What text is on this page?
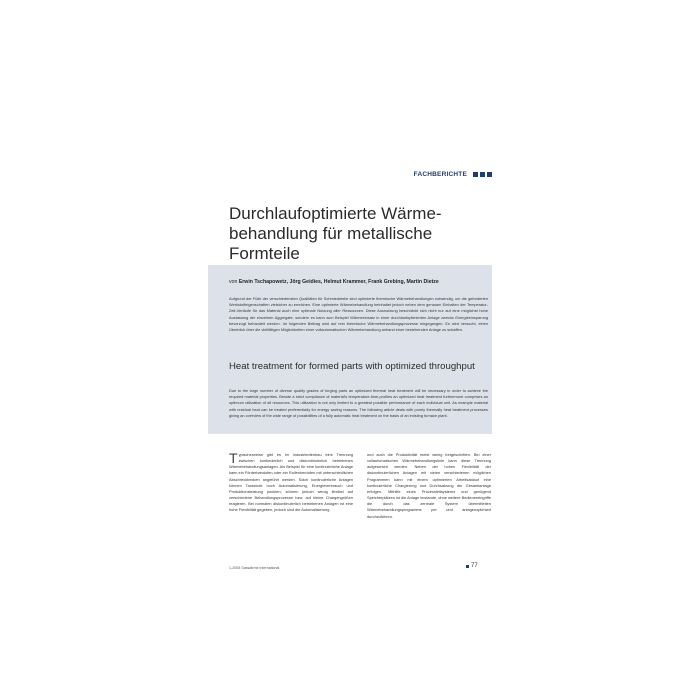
FACHBERICHTE
Durchlaufoptimierte Wärme-behandlung für metallische Formteile
von Erwin Tschapowetz, Jörg Geidies, Helmut Krammer, Frank Grebing, Martin Dietze

Aufgrund der Fülle der verschiedensten Qualitäten für Schmiedeteile sind optimierte thermische Wärmebehandlungen notwendig, um die geforderten Werkstoffeigenschaften zielsicher zu erreichen. Eine optimierte Wärmebehandlung beinhaltet jedoch neben dem genauen Einhalten der Temperatur-Zeit-Verläufe für das Material auch eine optimale Nutzung aller Ressourcen. Diese Ausnutzung beschränkt sich nicht nur auf eine möglichst hohe Auslastung der einzelnen Aggregate, sondern es kann zum Beispiel Wärmeeinsatz in einer durchlaufoptimierten Anlage zwecks Energieeinsparung bevorzugt behandelt werden. Im folgenden Beitrag wird auf rein thermische Wärmebehandlungsprozesse eingegangen. Es wird versucht, einen Überblick über die vielfältigen Möglichkeiten einer vollautomatischen Wärmebehandlung anhand einer bestehenden Anlage zu schaffen.

Heat treatment for formed parts with optimized throughput

Due to the large number of diverse quality grades of forging parts an optimized thermal heat treatment will be necessary in order to achieve the required material properties. Beside a strict compliance of material's temperature-time-profiles an optimized heat treatment furthermore comprises an optimum utilization of all resources. This utilization is not only limited to a greatest possible performance of each individual unit. As example material with residual heat can be treated preferentially for energy saving reasons. The following article deals with purely thermally heat treatment processes giving an overview of the wide range of possibilities of a fully automatic heat treatment on the basis of an existing furnace plant.

Typischerweise gibt es im Industrieofenbau eine Trennung zwischen kontinuierlich und diskontinuierlich betriebenen Wärmebehandlungsanlagen. Als Beispiel für eine kontinuierliche Anlage kann ein Förderbandofen oder ein Rollenherdofen mit unterschiedlichen Abschreckbecken angeführt werden. Solch kontinuierliche Anlagen können Tausende hoch Automatisierung, Energieverbrauch und Produktionsleistung punkten, können jedoch wenig flexibel auf verschiedene Behandlungsprozesse bzw. auf kleine Chargengrößen reagieren. Bei normalen diskontinuierlich betriebenen Anlagen ist eine hohe Flexibilität gegeben, jedoch sind die Automatisierung
und auch die Produktivität meist wenig fortgeschritten. Bei einer vollautomatischen Wärmebehandlungslinie kann diese Trennung aufgeweicht werden. Neben der hohen Flexibilität der diskontinuierlichen Anlagen mit vielen verschiedenen möglichen Programmen kann mit einem optimierten Arbeitsablauf eine kontinuierliche Chargierung und Durchsatzung der Gesamtanlage erfolgen. Mithilfe eines Prozessleitsystems und genügend Speicherplätzen ist die Anlage imstande, ohne weitere Bedienereingriffe die durch das zentrale System übermittelten Wärmebehandlungsprogramme per und anlagenoptimiert durchzuführen.
1-2005 Gaswärme International	77
